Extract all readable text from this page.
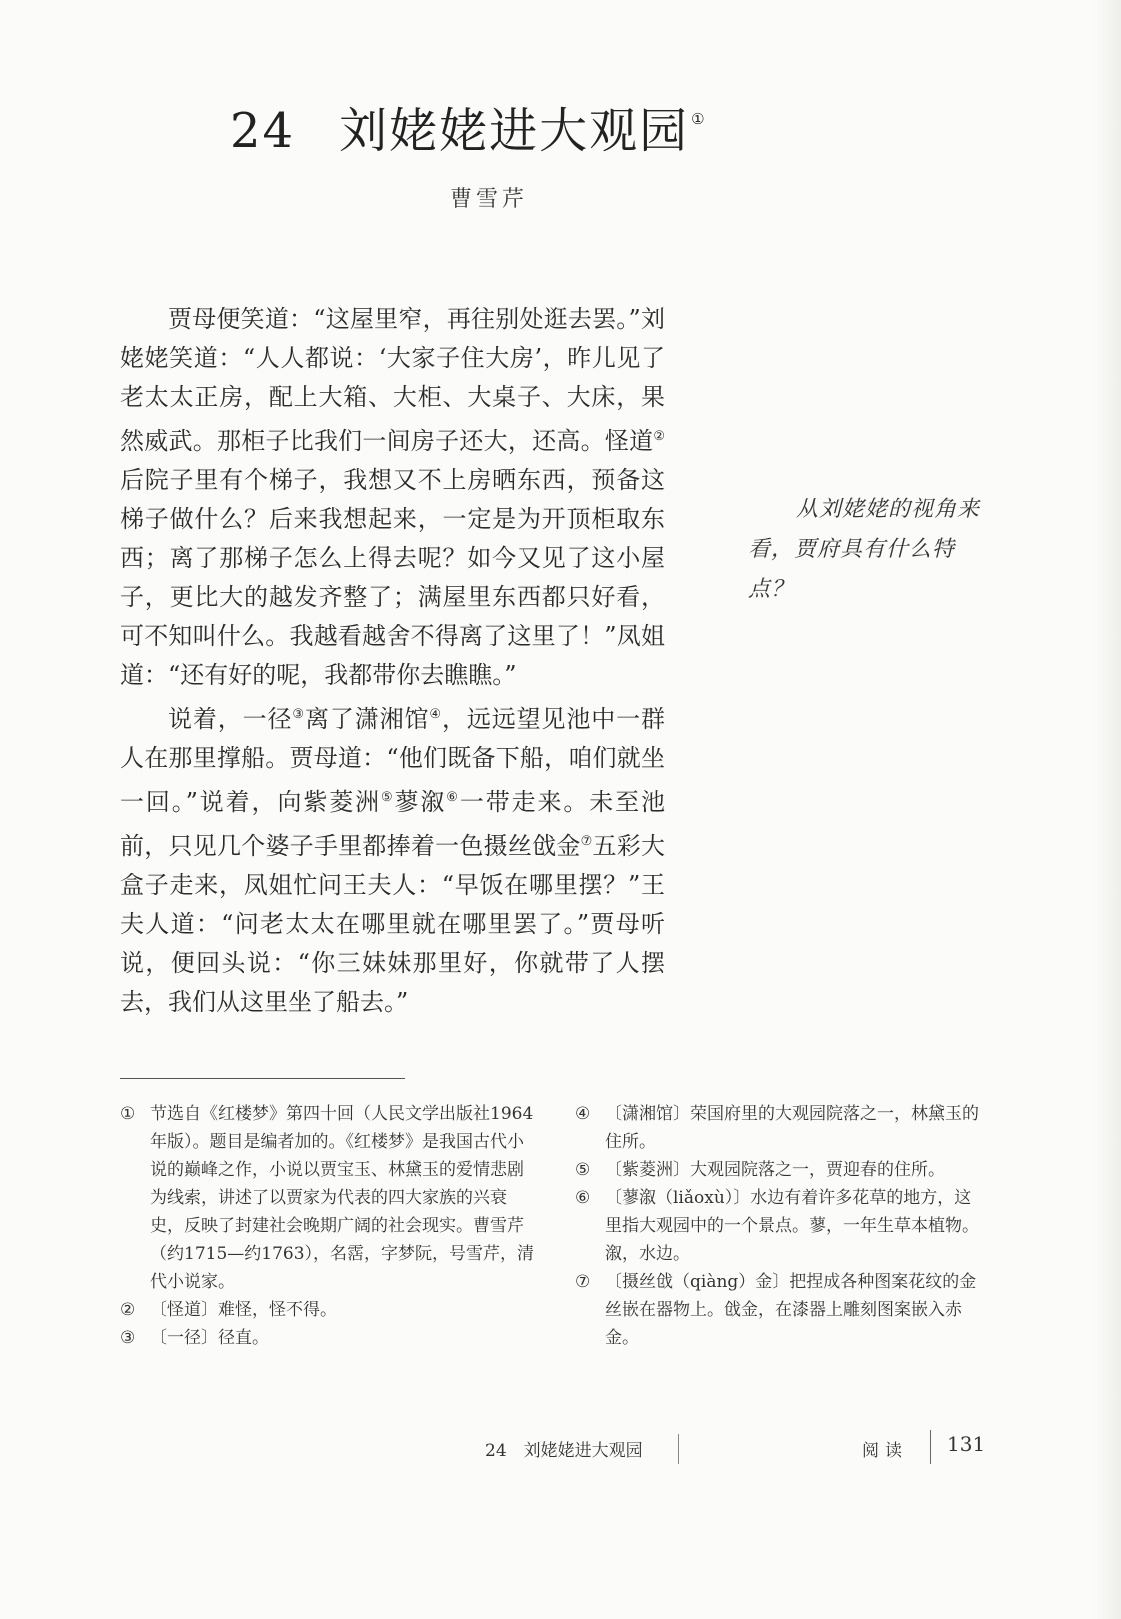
24 刘姥姥进大观园 ①
曹雪芹

贾母便笑道：“这屋里窄，再往别处逛去罢。”刘姥姥笑道：“人人都说：‘大家子住大房’，昨儿见了老太太正房，配上大箱、大柜、大桌子、大床，果然威武。那柜子比我们一间房子还大，还高。怪道②后院子里有个梯子，我想又不上房晒东西，预备这梯子做什么？后来我想起来，一定是为开顶柜取东西；离了那梯子怎么上得去呢？如今又见了这小屋子，更比大的越发齐整了；满屋里东西都只好看，可不知叫什么。我越看越舍不得离了这里了！”凤姐道：“还有好的呢，我都带你去瞧瞧。”

说着，一径③离了潇湘馆④，远远望见池中一群人在那里撑船。贾母道：“他们既备下船，咱们就坐一回。”说着，向紫菱洲⑤蓼溆⑥一带走来。未至池前，只见几个婆子手里都捧着一色摄丝戗金⑦五彩大盒子走来，凤姐忙问王夫人：“早饭在哪里摆？”王夫人道：“问老太太在哪里就在哪里罢了。”贾母听说，便回头说：“你三妹妹那里好，你就带了人摆去，我们从这里坐了船去。”

从刘姥姥的视角来看，贾府具有什么特点？
① 节选自《红楼梦》第四十回（人民文学出版社1964年版）。题目是编者加的。《红楼梦》是我国古代小说的巅峰之作，小说以贾宝玉、林黛玉的爱情悲剧为线索，讲述了以贾家为代表的四大家族的兴衰史，反映了封建社会晚期广阔的社会现实。曹雪芹（约1715—约1763），名霑，字梦阮，号雪芹，清代小说家。
② 〔怪道〕难怪，怪不得。
③ 〔一径〕径直。
④ 〔潇湘馆〕荣国府里的大观园院落之一，林黛玉的住所。
⑤ 〔紫菱洲〕大观园院落之一，贾迎春的住所。
⑥ 〔蓼溆（liǎoxù）〕水边有着许多花草的地方，这里指大观园中的一个景点。蓼，一年生草本植物。溆，水边。
⑦ 〔摄丝戗（qiàng）金〕把捏成各种图案花纹的金丝嵌在器物上。戗金，在漆器上雕刻图案嵌入赤金。
24　刘姥姥进大观园	阅读 131
